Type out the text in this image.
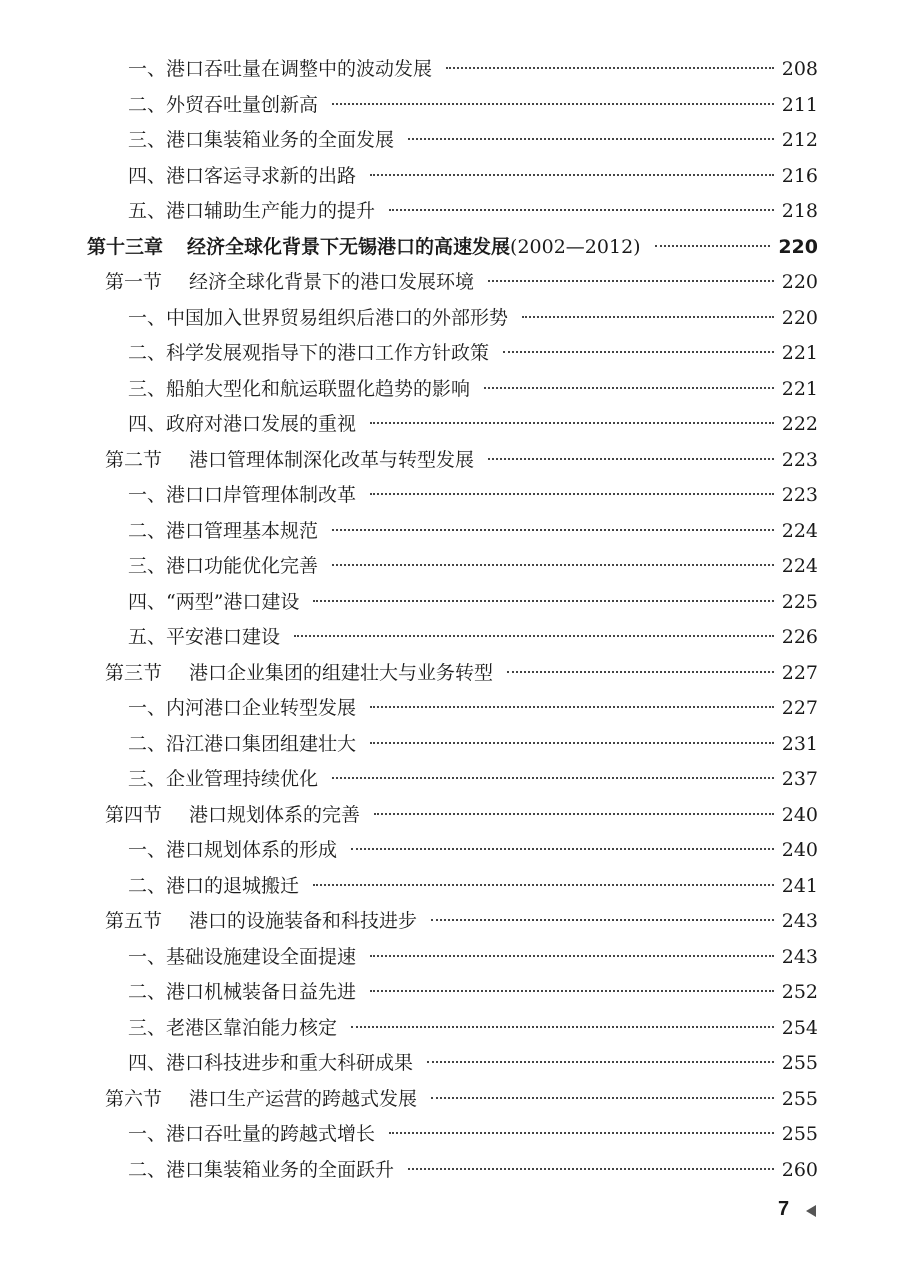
一、港口吞吐量在调整中的波动发展	208
二、外贸吞吐量创新高	211
三、港口集装箱业务的全面发展	212
四、港口客运寻求新的出路	216
五、港口辅助生产能力的提升	218
第十三章 经济全球化背景下无锡港口的高速发展(2002—2012)	220
第一节 经济全球化背景下的港口发展环境	220
一、中国加入世界贸易组织后港口的外部形势	220
二、科学发展观指导下的港口工作方针政策	221
三、船舶大型化和航运联盟化趋势的影响	221
四、政府对港口发展的重视	222
第二节 港口管理体制深化改革与转型发展	223
一、港口口岸管理体制改革	223
二、港口管理基本规范	224
三、港口功能优化完善	224
四、“两型”港口建设	225
五、平安港口建设	226
第三节 港口企业集团的组建壮大与业务转型	227
一、内河港口企业转型发展	227
二、沿江港口集团组建壮大	231
三、企业管理持续优化	237
第四节 港口规划体系的完善	240
一、港口规划体系的形成	240
二、港口的退城搬迁	241
第五节 港口的设施装备和科技进步	243
一、基础设施建设全面提速	243
二、港口机械装备日益先进	252
三、老港区靠泊能力核定	254
四、港口科技进步和重大科研成果	255
第六节 港口生产运营的跨越式发展	255
一、港口吞吐量的跨越式增长	255
二、港口集装箱业务的全面跃升	260
7
